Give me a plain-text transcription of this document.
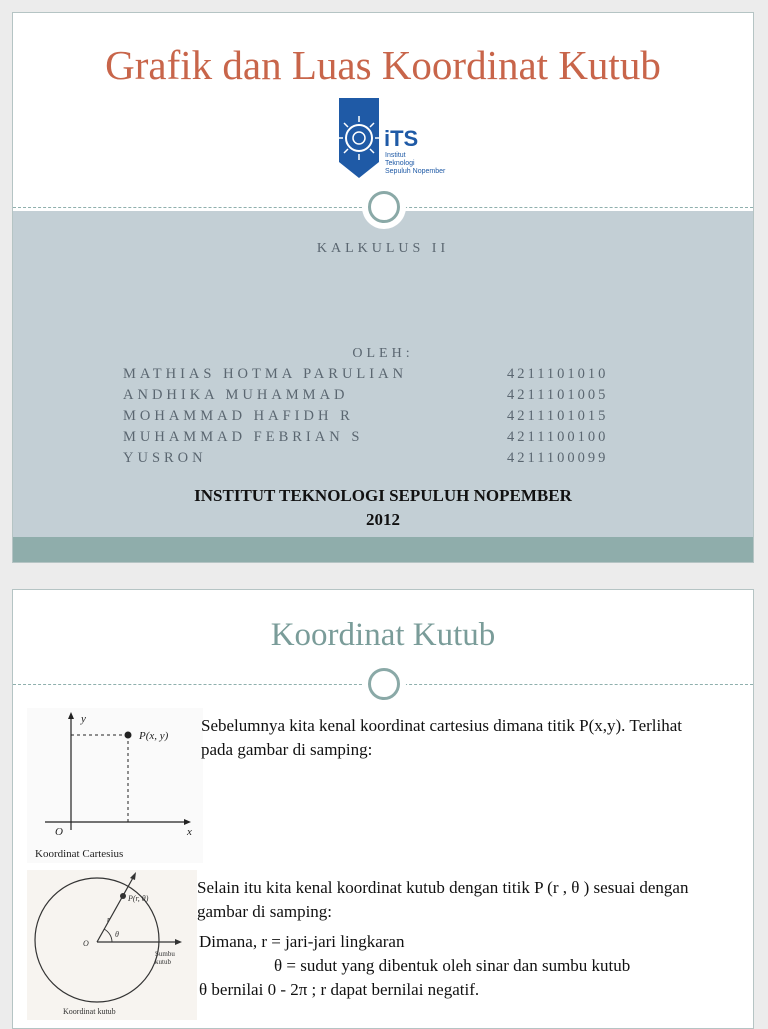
Grafik dan Luas Koordinat Kutub
iTS
Institut
Teknologi
Sepuluh Nopember
KALKULUS II
OLEH:
MATHIAS HOTMA PARULIAN	4211101010
ANDHIKA MUHAMMAD	4211101005
MOHAMMAD HAFIDH R	4211101015
MUHAMMAD FEBRIAN S	4211100100
YUSRON	4211100099
INSTITUT TEKNOLOGI SEPULUH NOPEMBER
2012
Koordinat Kutub
y
P(x, y)
O	x
Koordinat Cartesius
P(r, θ)
r
θ
O
Sumbu
kutub
Koordinat kutub
Sebelumnya kita kenal koordinat cartesius dimana titik P(x,y). Terlihat pada gambar di samping:
Selain itu kita kenal koordinat kutub dengan titik P (r , θ ) sesuai dengan gambar di samping:
Dimana, r = jari-jari lingkaran
θ = sudut yang dibentuk oleh sinar dan sumbu kutub
θ bernilai 0 - 2π ; r dapat bernilai negatif.
